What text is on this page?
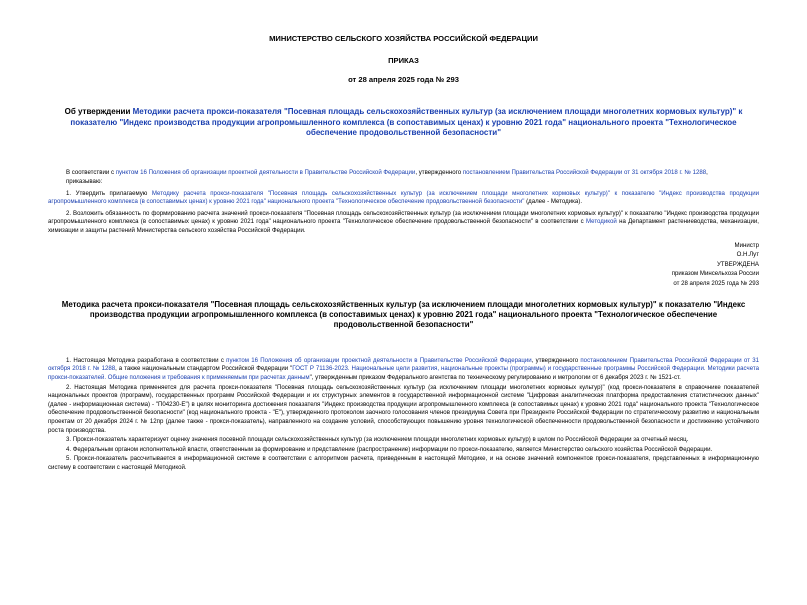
МИНИСТЕРСТВО СЕЛЬСКОГО ХОЗЯЙСТВА РОССИЙСКОЙ ФЕДЕРАЦИИ
ПРИКАЗ
от 28 апреля 2025 года № 293
Об утверждении Методики расчета прокси-показателя "Посевная площадь сельскохозяйственных культур (за исключением площади многолетних кормовых культур)" к показателю "Индекс производства продукции агропромышленного комплекса (в сопоставимых ценах) к уровню 2021 года" национального проекта "Технологическое обеспечение продовольственной безопасности"

В соответствии с пунктом 16 Положения об организации проектной деятельности в Правительстве Российской Федерации, утвержденного постановлением Правительства Российской Федерации от 31 октября 2018 г. № 1288,

приказываю:

1. Утвердить прилагаемую Методику расчета прокси-показателя "Посевная площадь сельскохозяйственных культур (за исключением площади многолетних кормовых культур)" к показателю "Индекс производства продукции агропромышленного комплекса (в сопоставимых ценах) к уровню 2021 года" национального проекта "Технологическое обеспечение продовольственной безопасности" (далее - Методика).

2. Возложить обязанность по формированию расчета значений прокси-показателя "Посевная площадь сельскохозяйственных культур (за исключением площади многолетних кормовых культур)" к показателю "Индекс производства продукции агропромышленного комплекса (в сопоставимых ценах) к уровню 2021 года" национального проекта "Технологическое обеспечение продовольственной безопасности" в соответствии с Методикой на Департамент растениеводства, механизации, химизации и защиты растений Министерства сельского хозяйства Российской Федерации.

Министр
О.Н.Лут
УТВЕРЖДЕНА
приказом Минсельхоза России
от 28 апреля 2025 года № 293
Методика расчета прокси-показателя "Посевная площадь сельскохозяйственных культур (за исключением площади многолетних кормовых культур)" к показателю "Индекс производства продукции агропромышленного комплекса (в сопоставимых ценах) к уровню 2021 года" национального проекта "Технологическое обеспечение продовольственной безопасности"

1. Настоящая Методика разработана в соответствии с пунктом 16 Положения об организации проектной деятельности в Правительстве Российской Федерации, утвержденного постановлением Правительства Российской Федерации от 31 октября 2018 г. № 1288, а также национальным стандартом Российской Федерации "ГОСТ Р 71136-2023. Национальные цели развития, национальные проекты (программы) и государственные программы Российской Федерации. Методики расчета прокси-показателей. Общие положения и требования к применяемым при расчетах данным", утвержденным приказом Федерального агентства по техническому регулированию и метрологии от 6 декабря 2023 г. № 1521-ст.

2. Настоящая Методика применяется для расчета прокси-показателя "Посевная площадь сельскохозяйственных культур (за исключением площади многолетних кормовых культур)" (код прокси-показателя в справочнике показателей национальных проектов (программ), государственных программ Российской Федерации и их структурных элементов в государственной информационной системе "Цифровая аналитическая платформа предоставления статистических данных" (далее - информационная система) - "П04230-Е") в целях мониторинга достижения показателя "Индекс производства продукции агропромышленного комплекса (в сопоставимых ценах) к уровню 2021 года" национального проекта "Технологическое обеспечение продовольственной безопасности" (код национального проекта - "Е"), утвержденного протоколом заочного голосования членов президиума Совета при Президенте Российской Федерации по стратегическому развитию и национальным проектам от 20 декабря 2024 г. № 12пр (далее также - прокси-показатель), направленного на создание условий, способствующих повышению уровня технологической обеспеченности продовольственной безопасности и достижению устойчивого роста производства.

3. Прокси-показатель характеризует оценку значения посевной площади сельскохозяйственных культур (за исключением площади многолетних кормовых культур) в целом по Российской Федерации за отчетный месяц.

4. Федеральным органом исполнительной власти, ответственным за формирование и представление (распространение) информации по прокси-показателю, является Министерство сельского хозяйства Российской Федерации.

5. Прокси-показатель рассчитывается в информационной системе в соответствии с алгоритмом расчета, приведенным в настоящей Методике, и на основе значений компонентов прокси-показателя, представленных в информационную систему в соответствии с настоящей Методикой.
